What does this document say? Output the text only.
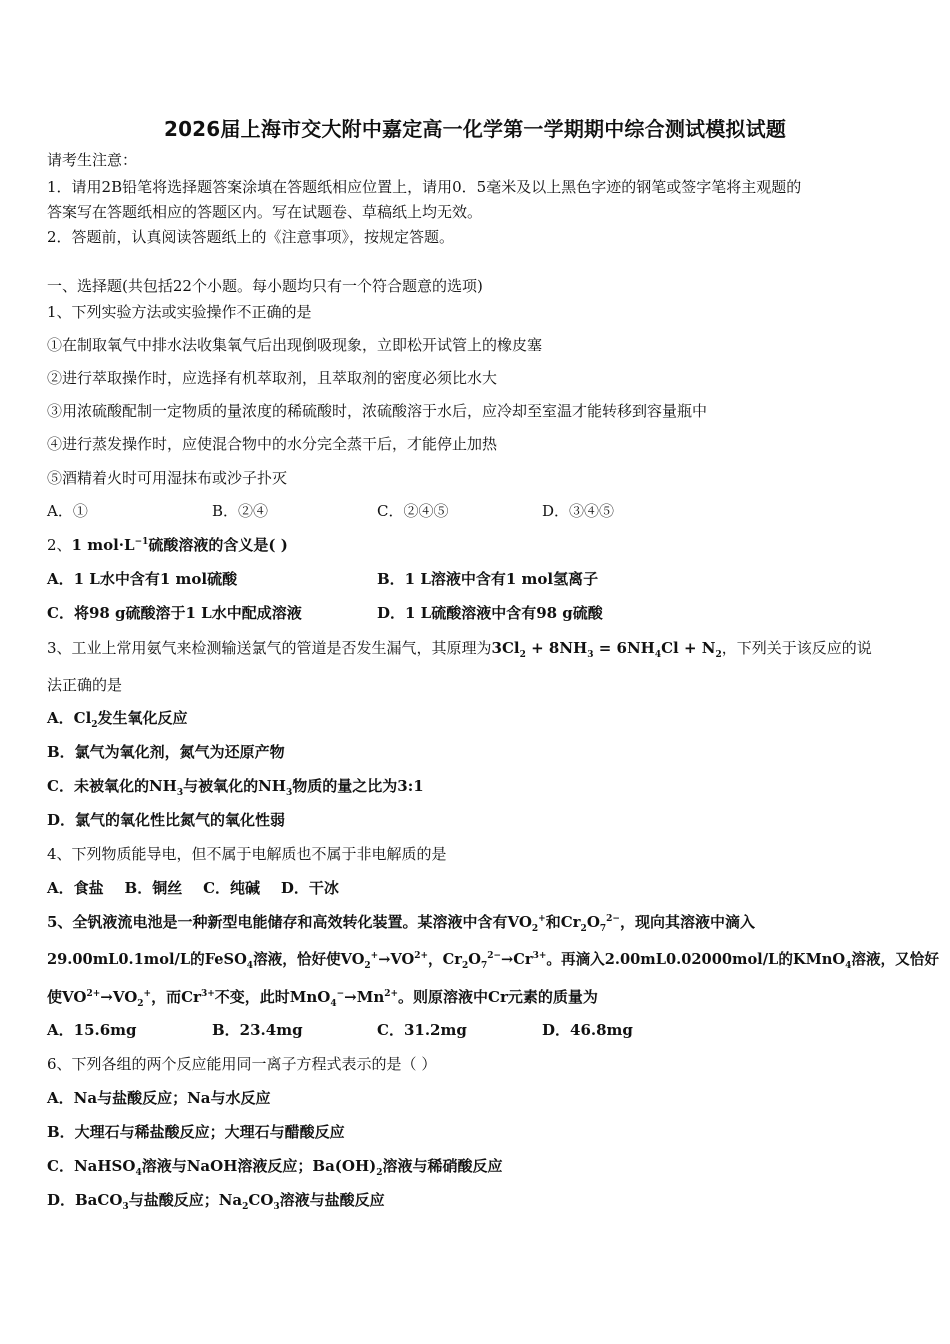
2026届上海市交大附中嘉定高一化学第一学期期中综合测试模拟试题
请考生注意：
1．请用2B铅笔将选择题答案涂填在答题纸相应位置上，请用0．5毫米及以上黑色字迹的钢笔或签字笔将主观题的
答案写在答题纸相应的答题区内。写在试题卷、草稿纸上均无效。
2．答题前，认真阅读答题纸上的《注意事项》，按规定答题。
一、选择题(共包括22个小题。每小题均只有一个符合题意的选项)
1、下列实验方法或实验操作不正确的是
①在制取氧气中排水法收集氧气后出现倒吸现象，立即松开试管上的橡皮塞
②进行萃取操作时，应选择有机萃取剂，且萃取剂的密度必须比水大
③用浓硫酸配制一定物质的量浓度的稀硫酸时，浓硫酸溶于水后，应冷却至室温才能转移到容量瓶中
④进行蒸发操作时，应使混合物中的水分完全蒸干后，才能停止加热
⑤酒精着火时可用湿抹布或沙子扑灭
A．①	B．②④	C．②④⑤	D．③④⑤
2、1 $mol\cdot L^{-1}$硫酸溶液的含义是( )
A．1 L水中含有1 mol硫酸	B．1 L溶液中含有1 mol氢离子
C．将98 g硫酸溶于1 L水中配成溶液	D．1 L硫酸溶液中含有98 g硫酸
3、工业上常用氨气来检测输送氯气的管道是否发生漏气，其原理为$3Cl_2 + 8NH_3 = 6NH_4Cl + N_2$，下列关于该反应的说
法正确的是
A．$Cl_2$发生氧化反应
B．氯气为氧化剂，氮气为还原产物
C．未被氧化的$NH_3$与被氧化的$NH_3$物质的量之比为3:1
D．氯气的氧化性比氮气的氧化性弱
4、下列物质能导电，但不属于电解质也不属于非电解质的是
A．食盐    B．铜丝    C．纯碱    D．干冰
5、全钒液流电池是一种新型电能储存和高效转化装置。某溶液中含有$VO_2^+$和$Cr_2O_7^{2-}$，现向其溶液中滴入
29.00mL0.1mol/L的FeSO$_4$溶液，恰好使$VO_2^+\to VO^{2+}$，$Cr_2O_7^{2-}\to Cr^{3+}$。再滴入2.00mL0.02000mol/L的KMnO$_4$溶液，又恰好
使$VO^{2+}\to VO_2^+$，而$Cr^{3+}$不变，此时$MnO_4^-\to Mn^{2+}$。则原溶液中Cr元素的质量为
A．15.6mg	B．23.4mg	C．31.2mg	D．46.8mg
6、下列各组的两个反应能用同一离子方程式表示的是（ ）
A．Na与盐酸反应；Na与水反应
B．大理石与稀盐酸反应；大理石与醋酸反应
C．NaHSO$_4$溶液与NaOH溶液反应；$Ba(OH)_2$溶液与稀硝酸反应
D．BaCO$_3$与盐酸反应；$Na_2CO_3$溶液与盐酸反应
